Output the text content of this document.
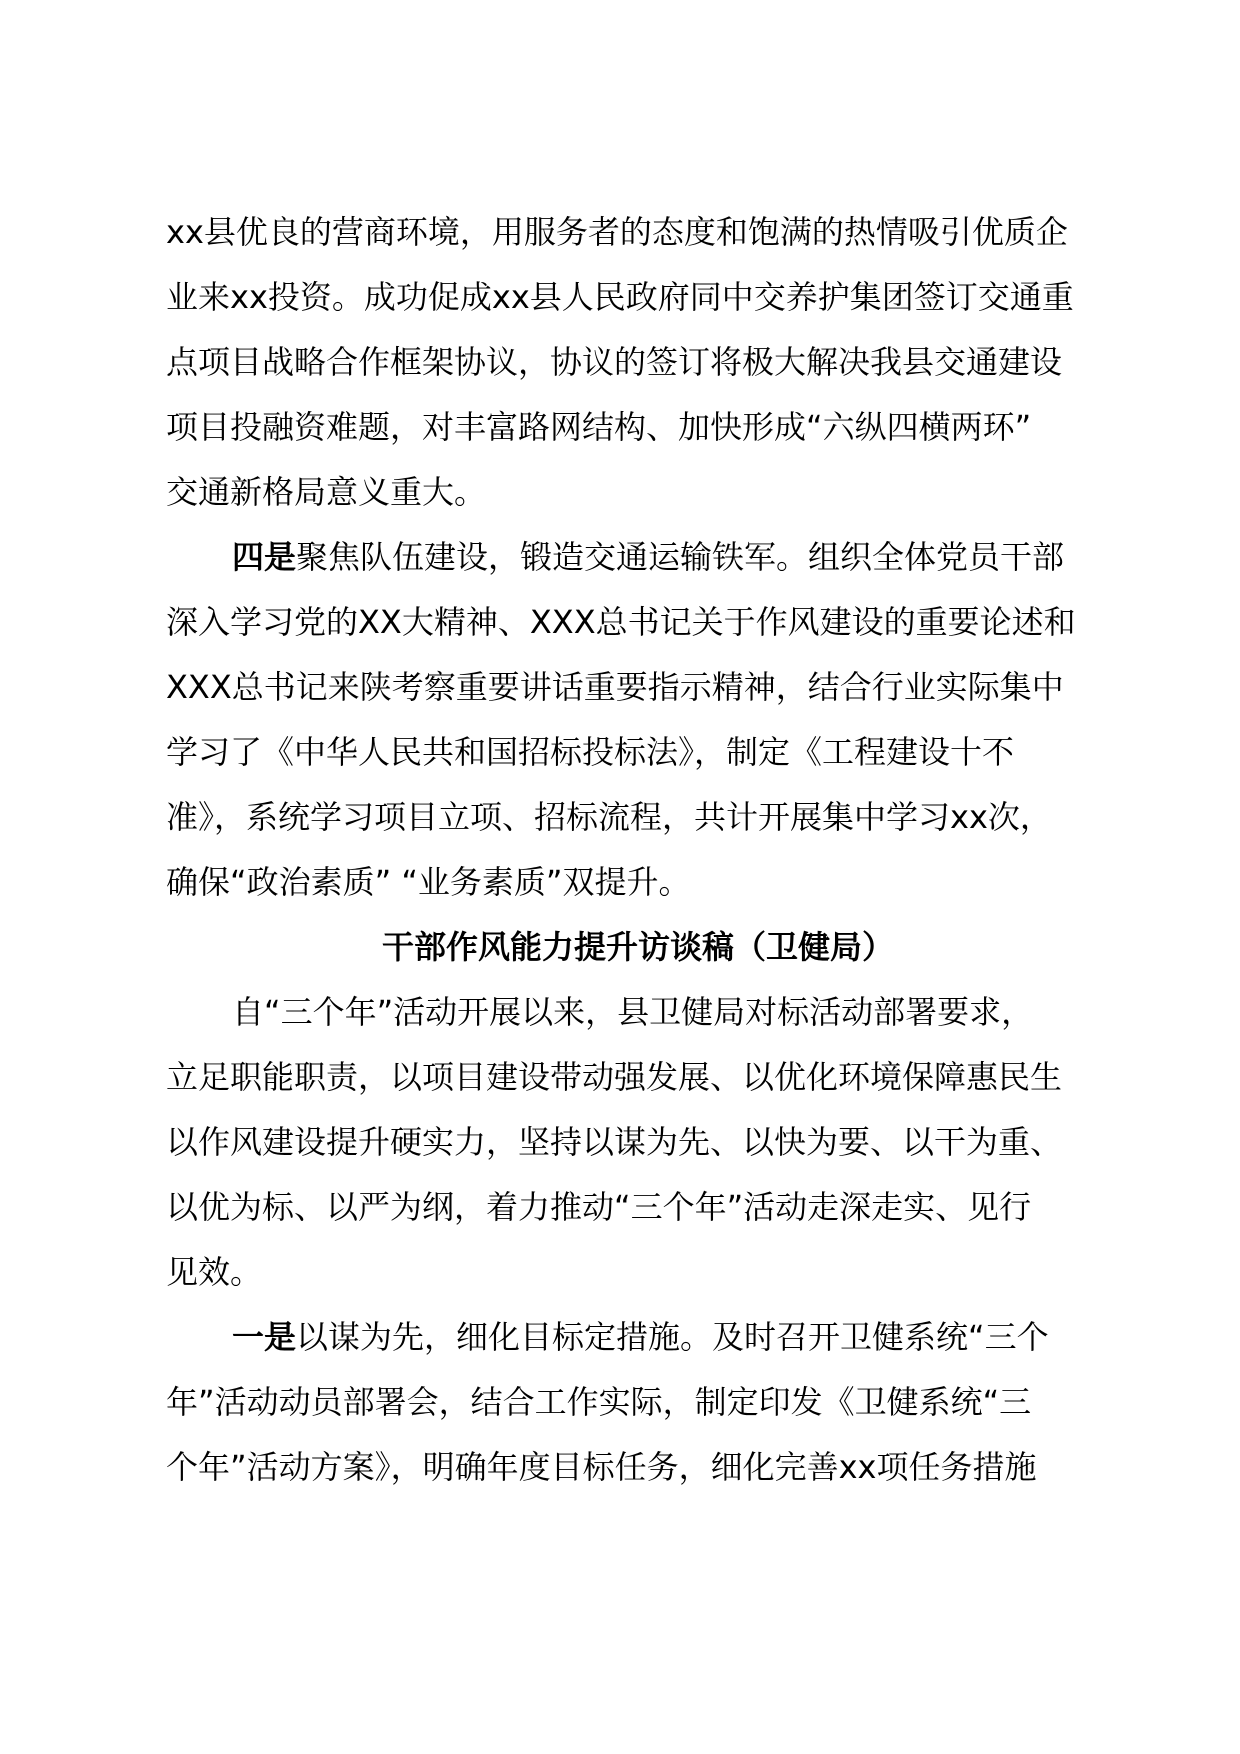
xx县优良的营商环境，用服务者的态度和饱满的热情吸引优质企
业来xx投资。成功促成xx县人民政府同中交养护集团签订交通重
点项目战略合作框架协议，协议的签订将极大解决我县交通建设
项目投融资难题，对丰富路网结构、加快形成“六纵四横两环”
交通新格局意义重大。
四是聚焦队伍建设，锻造交通运输铁军。组织全体党员干部
深入学习党的XX大精神、XXX总书记关于作风建设的重要论述和
XXX总书记来陕考察重要讲话重要指示精神，结合行业实际集中
学习了《中华人民共和国招标投标法》，制定《工程建设十不
准》，系统学习项目立项、招标流程，共计开展集中学习xx次，
确保“政治素质” “业务素质”双提升。
干部作风能力提升访谈稿（卫健局）
自“三个年”活动开展以来，县卫健局对标活动部署要求，
立足职能职责，以项目建设带动强发展、以优化环境保障惠民生
以作风建设提升硬实力，坚持以谋为先、以快为要、以干为重、
以优为标、以严为纲，着力推动“三个年”活动走深走实、见行
见效。
一是以谋为先，细化目标定措施。及时召开卫健系统“三个
年”活动动员部署会，结合工作实际，制定印发《卫健系统“三
个年”活动方案》，明确年度目标任务，细化完善xx项任务措施
